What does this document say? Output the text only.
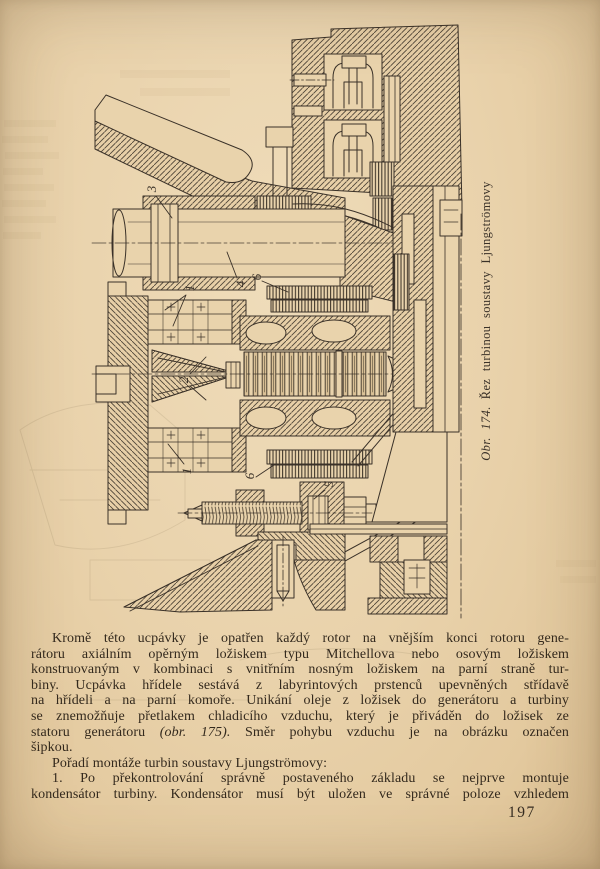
3
1
4
6
2
1
6
5
Obr. 174.Řez turbinou soustavy Ljungströmovy
Kromě této ucpávky je opatřen každý rotor na vnějším konci rotoru gene-
rátoru axiálním opěrným ložiskem typu Mitchellova nebo osovým ložiskem
konstruovaným v kombinaci s vnitřním nosným ložiskem na parní straně tur-
biny. Ucpávka hřídele sestává z labyrintových prstenců upevněných střídavě
na hřídeli a na parní komoře. Unikání oleje z ložisek do generátoru a turbiny
se znemožňuje přetlakem chladicího vzduchu, který je přiváděn do ložisek ze
statoru generátoru (obr. 175). Směr pohybu vzduchu je na obrázku označen
šipkou.
Pořadí montáže turbin soustavy Ljungströmovy:
1. Po překontrolování správně postaveného základu se nejprve montuje
kondensátor turbiny. Kondensátor musí být uložen ve správné poloze vzhledem
197
